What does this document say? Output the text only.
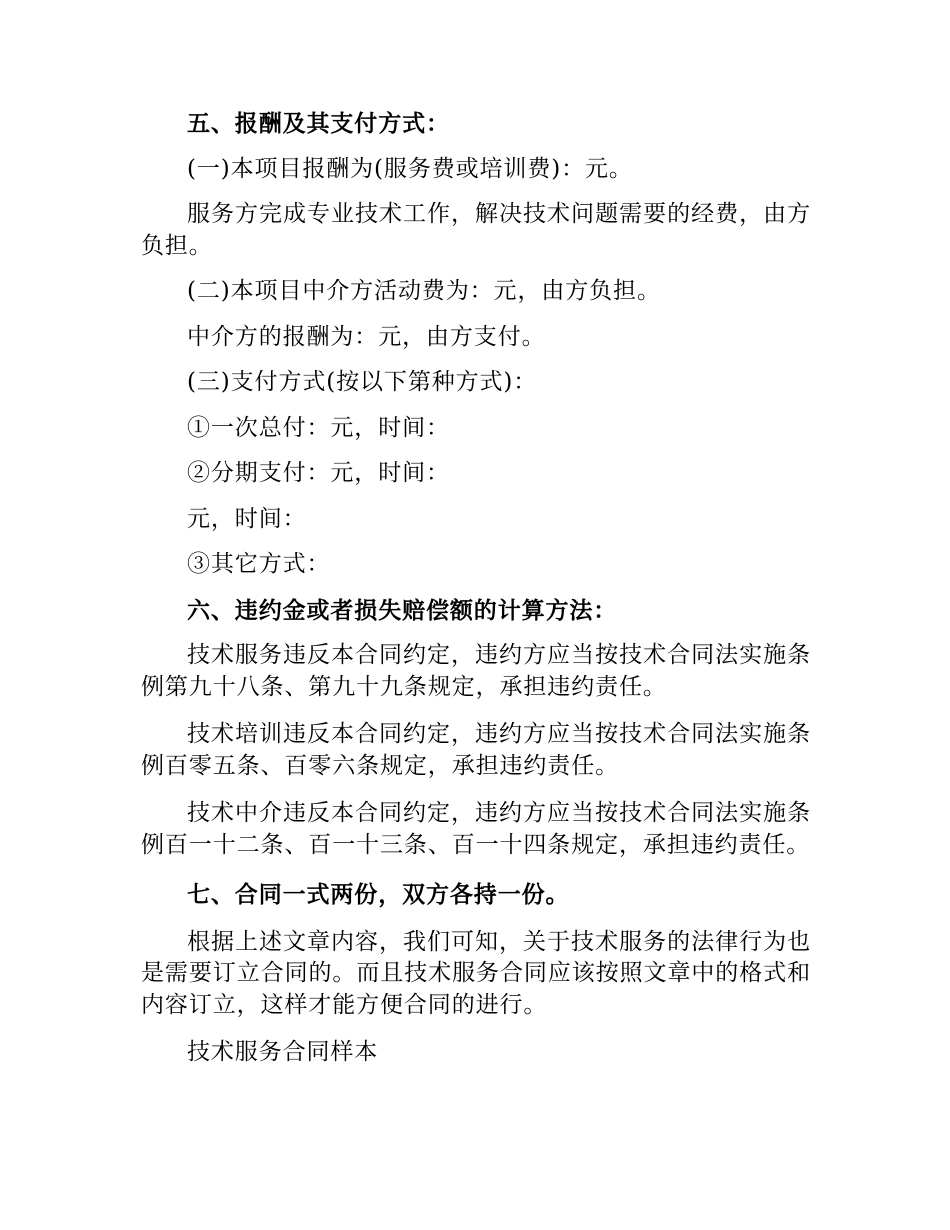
五、报酬及其支付方式：

(一)本项目报酬为(服务费或培训费)：元。

服务方完成专业技术工作，解决技术问题需要的经费，由方负担。

(二)本项目中介方活动费为：元，由方负担。

中介方的报酬为：元，由方支付。

(三)支付方式(按以下第种方式)：

①一次总付：元，时间：

②分期支付：元，时间：

元，时间：

③其它方式：

六、违约金或者损失赔偿额的计算方法：

技术服务违反本合同约定，违约方应当按技术合同法实施条例第九十八条、第九十九条规定，承担违约责任。

技术培训违反本合同约定，违约方应当按技术合同法实施条例百零五条、百零六条规定，承担违约责任。

技术中介违反本合同约定，违约方应当按技术合同法实施条例百一十二条、百一十三条、百一十四条规定，承担违约责任。

七、合同一式两份，双方各持一份。

根据上述文章内容，我们可知，关于技术服务的法律行为也是需要订立合同的。而且技术服务合同应该按照文章中的格式和内容订立，这样才能方便合同的进行。

技术服务合同样本
